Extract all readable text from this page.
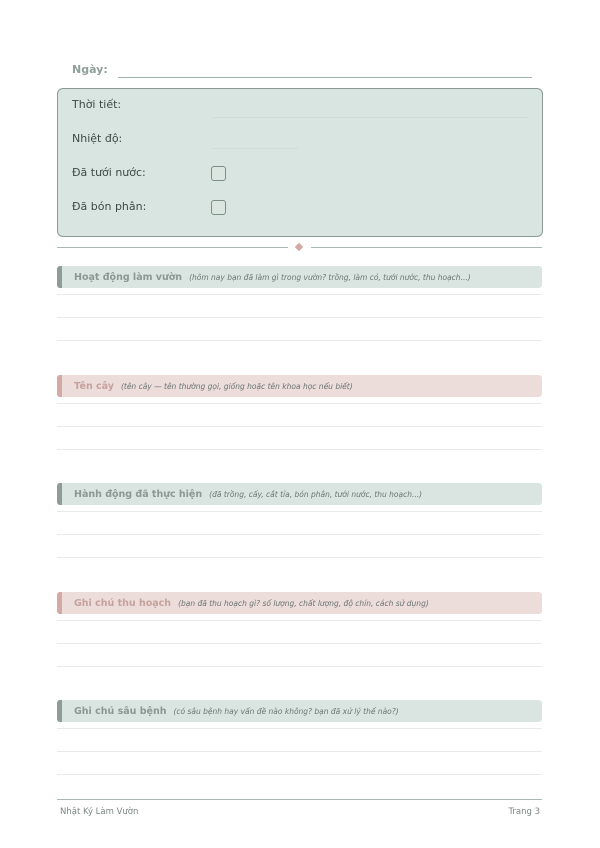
Ngày:
Thời tiết:
Nhiệt độ:
Đã tưới nước:
Đã bón phân:
Hoạt động làm vườn (hôm nay bạn đã làm gì trong vườn? trồng, làm cỏ, tưới nước, thu hoạch...)
Tên cây (tên cây — tên thường gọi, giống hoặc tên khoa học nếu biết)
Hành động đã thực hiện (đã trồng, cấy, cắt tỉa, bón phân, tưới nước, thu hoạch...)
Ghi chú thu hoạch (bạn đã thu hoạch gì? số lượng, chất lượng, độ chín, cách sử dụng)
Ghi chú sâu bệnh (có sâu bệnh hay vấn đề nào không? bạn đã xử lý thế nào?)
Nhật Ký Làm Vườn	Trang 3
